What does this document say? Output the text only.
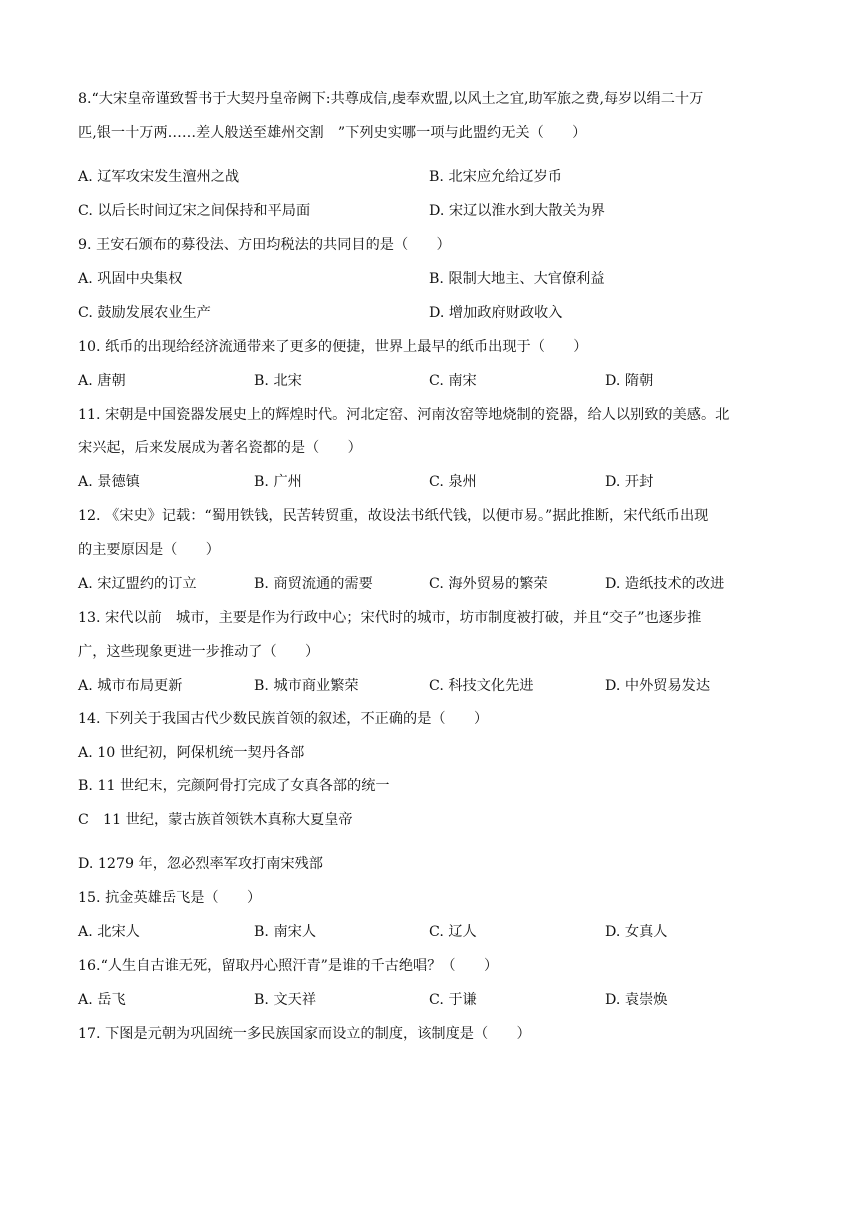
8.“大宋皇帝谨致誓书于大契丹皇帝阙下:共尊成信,虔奉欢盟,以风土之宜,助军旅之费,每岁以绢二十万
匹,银一十万两……差人般送至雄州交割　”下列史实哪一项与此盟约无关（　　）
A. 辽军攻宋发生澶州之战	B. 北宋应允给辽岁币
C. 以后长时间辽宋之间保持和平局面	D. 宋辽以淮水到大散关为界
9. 王安石颁布的募役法、方田均税法的共同目的是（　　）
A. 巩固中央集权	B. 限制大地主、大官僚利益
C. 鼓励发展农业生产	D. 增加政府财政收入
10. 纸币的出现给经济流通带来了更多的便捷，世界上最早的纸币出现于（　　）
A. 唐朝	B. 北宋	C. 南宋	D. 隋朝
11. 宋朝是中国瓷器发展史上的辉煌时代。河北定窑、河南汝窑等地烧制的瓷器，给人以别致的美感。北
宋兴起，后来发展成为著名瓷都的是（　　）
A. 景德镇	B. 广州	C. 泉州	D. 开封
12. 《宋史》记载：“蜀用铁钱，民苦转贸重，故设法书纸代钱，以便市易。”据此推断，宋代纸币出现
的主要原因是（　　）
A. 宋辽盟约的订立	B. 商贸流通的需要	C. 海外贸易的繁荣	D. 造纸技术的改进
13. 宋代以前　城市，主要是作为行政中心；宋代时的城市，坊市制度被打破，并且“交子”也逐步推
广，这些现象更进一步推动了（　　）
A. 城市布局更新	B. 城市商业繁荣	C. 科技文化先进	D. 中外贸易发达
14. 下列关于我国古代少数民族首领的叙述，不正确的是（　　）
A. 10 世纪初，阿保机统一契丹各部
B. 11 世纪末，完颜阿骨打完成了女真各部的统一
C　11 世纪，蒙古族首领铁木真称大夏皇帝
D. 1279 年，忽必烈率军攻打南宋残部
15. 抗金英雄岳飞是（　　）
A. 北宋人	B. 南宋人	C. 辽人	D. 女真人
16.“人生自古谁无死，留取丹心照汗青”是谁的千古绝唱？（　　）
A. 岳飞	B. 文天祥	C. 于谦	D. 袁崇焕
17. 下图是元朝为巩固统一多民族国家而设立的制度，该制度是（　　）
